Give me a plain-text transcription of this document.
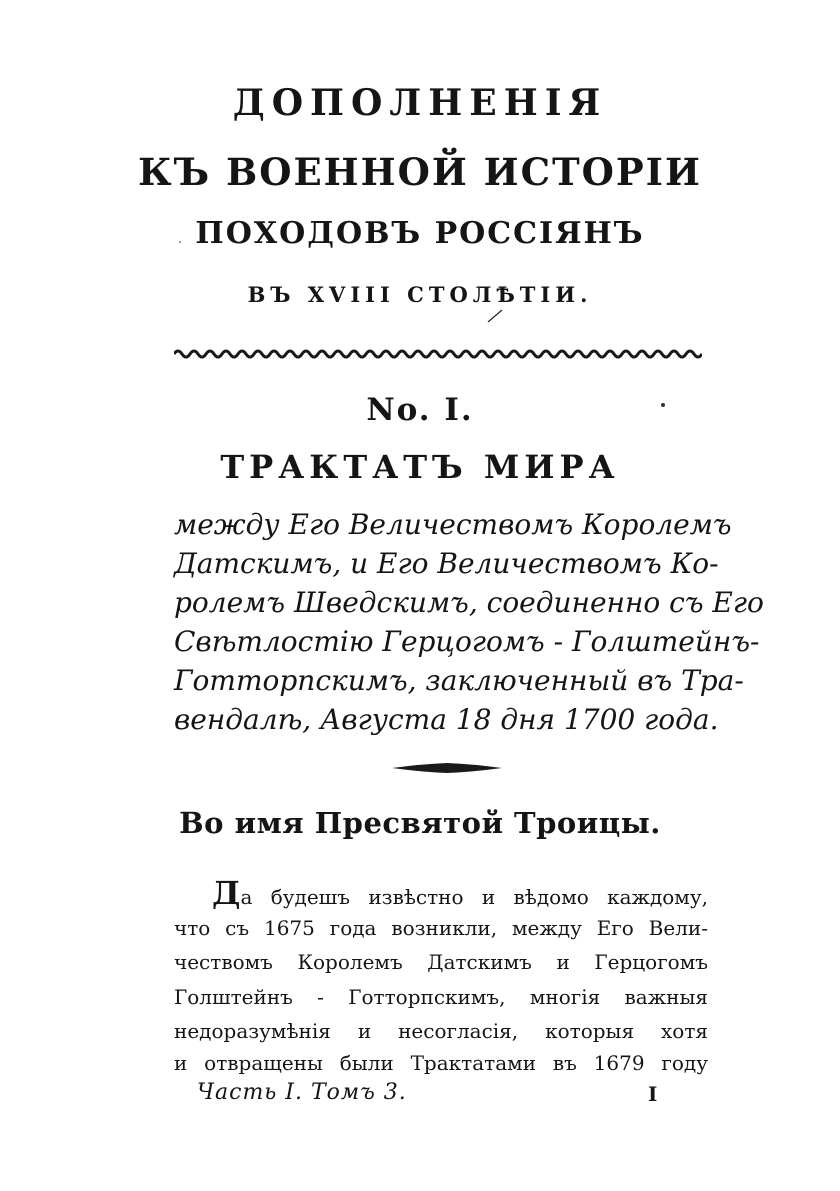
ДОПОЛНЕНІЯ
КЪ ВОЕННОЙ ИСТОРІИ
ПОХОДОВЪ РОССІЯНЪ
ВЪ XVIII СТОЛѢТІИ.
No. I.
ТРАКТАТЪ МИРА
между Его Величествомъ Королемъ
Датскимъ, и Его Величествомъ Ко-
ролемъ Шведскимъ, соединенно съ Его
Свѣтлостію Герцогомъ - Голштейнъ-
Готторпскимъ, заключенный въ Тра-
вендалѣ, Августа 18 дня 1700 года.
Во имя Пресвятой Троицы.
Да будешъ извѣстно и вѣдомо каждому,
что съ 1675 года возникли, между Его Вели-
чествомъ Королемъ Датскимъ и Герцогомъ
Голштейнъ - Готторпскимъ, многія важныя
недоразумѣнія и несогласія, которыя хотя
и отвращены были Трактатами въ 1679 году
Часть I. Томъ 3.	I
